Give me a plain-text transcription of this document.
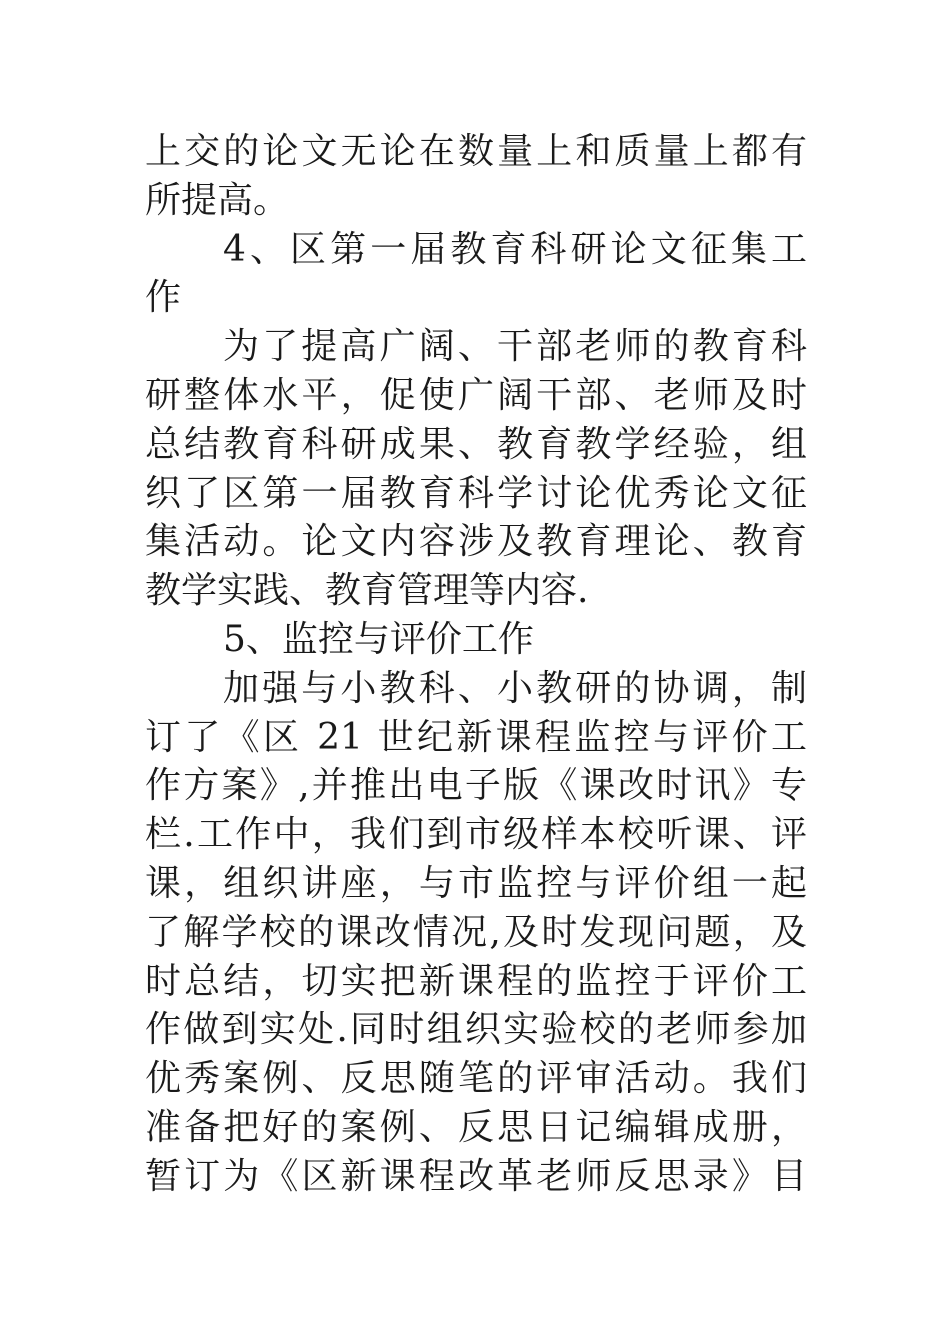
上交的论文无论在数量上和质量上都有
所提高。
4、区第一届教育科研论文征集工
作
为了提高广阔、干部老师的教育科
研整体水平，促使广阔干部、老师及时
总结教育科研成果、教育教学经验，组
织了区第一届教育科学讨论优秀论文征
集活动。论文内容涉及教育理论、教育
教学实践、教育管理等内容.
5、监控与评价工作
加强与小教科、小教研的协调，制
订了《区 21 世纪新课程监控与评价工
作方案》,并推出电子版《课改时讯》专
栏.工作中，我们到市级样本校听课、评
课，组织讲座，与市监控与评价组一起
了解学校的课改情况,及时发现问题，及
时总结，切实把新课程的监控于评价工
作做到实处.同时组织实验校的老师参加
优秀案例、反思随笔的评审活动。我们
准备把好的案例、反思日记编辑成册，
暂订为《区新课程改革老师反思录》目
